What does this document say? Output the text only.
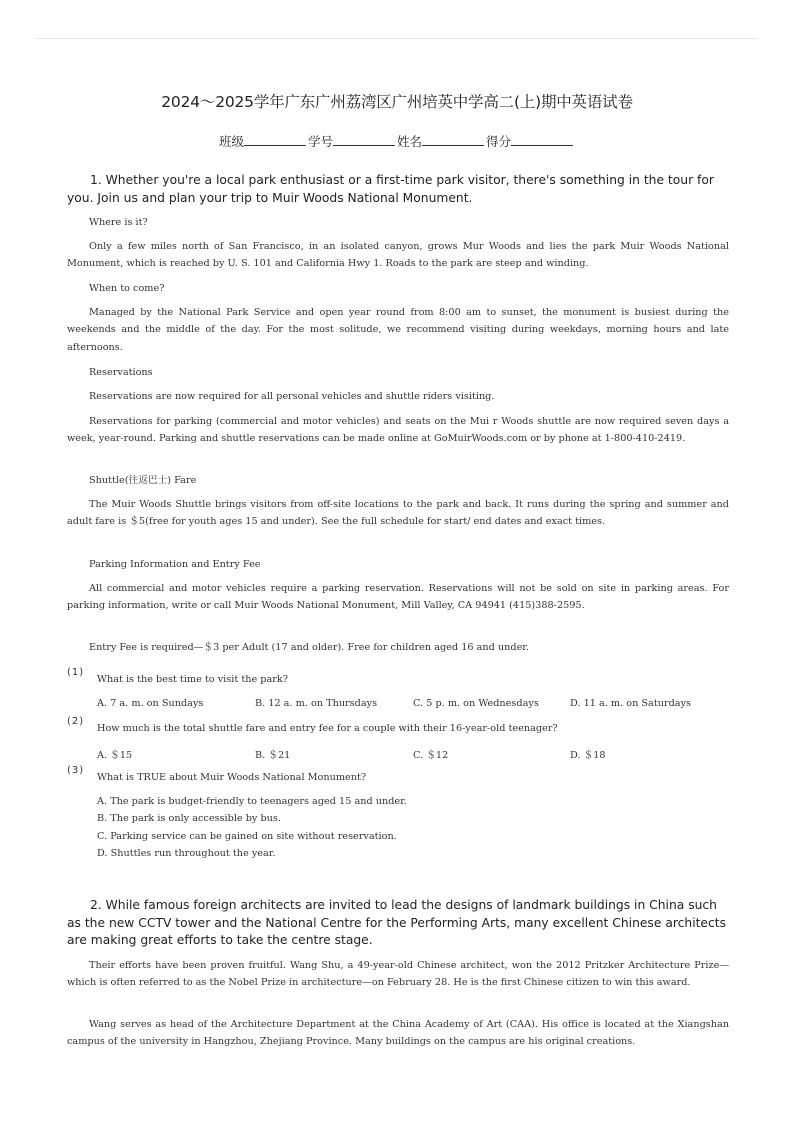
2024～2025学年广东广州荔湾区广州培英中学高二(上)期中英语试卷
班级	学号	姓名	得分
1. Whether you're a local park enthusiast or a first-time park visitor, there's something in the tour for you. Join us and plan your trip to Muir Woods National Monument.
Where is it?
Only a few miles north of San Francisco, in an isolated canyon, grows Mur Woods and lies the park Muir Woods National Monument, which is reached by U. S. 101 and California Hwy 1. Roads to the park are steep and winding.
When to come?
Managed by the National Park Service and open year round from 8:00 am to sunset, the monument is busiest during the weekends and the middle of the day. For the most solitude, we recommend visiting during weekdays, morning hours and late afternoons.
Reservations
Reservations are now required for all personal vehicles and shuttle riders visiting.
Reservations for parking (commercial and motor vehicles) and seats on the Mui r Woods shuttle are now required seven days a week, year-round. Parking and shuttle reservations can be made online at GoMuirWoods.com or by phone at 1-800-410-2419.
Shuttle(往返巴士) Fare
The Muir Woods Shuttle brings visitors from off-site locations to the park and back. It runs during the spring and summer and adult fare is ＄5(free for youth ages 15 and under). See the full schedule for start/ end dates and exact times.
Parking Information and Entry Fee
All commercial and motor vehicles require a parking reservation. Reservations will not be sold on site in parking areas. For parking information, write or call Muir Woods National Monument, Mill Valley, CA 94941 (415)388-2595.
Entry Fee is required—＄3 per Adult (17 and older). Free for children aged 16 and under.
(1)
What is the best time to visit the park?
A. 7 a. m. on Sundays	B. 12 a. m. on Thursdays	C. 5 p. m. on Wednesdays	D. 11 a. m. on Saturdays
(2)
How much is the total shuttle fare and entry fee for a couple with their 16-year-old teenager?
A. ＄15	B. ＄21	C. ＄12	D. ＄18
(3)
What is TRUE about Muir Woods National Monument?
A. The park is budget-friendly to teenagers aged 15 and under.
B. The park is only accessible by bus.
C. Parking service can be gained on site without reservation.
D. Shuttles run throughout the year.
2. While famous foreign architects are invited to lead the designs of landmark buildings in China such as the new CCTV tower and the National Centre for the Performing Arts, many excellent Chinese architects are making great efforts to take the centre stage.
Their efforts have been proven fruitful. Wang Shu, a 49-year-old Chinese architect, won the 2012 Pritzker Architecture Prize—which is often referred to as the Nobel Prize in architecture—on February 28. He is the first Chinese citizen to win this award.
Wang serves as head of the Architecture Department at the China Academy of Art (CAA). His office is located at the Xiangshan campus of the university in Hangzhou, Zhejiang Province. Many buildings on the campus are his original creations.
